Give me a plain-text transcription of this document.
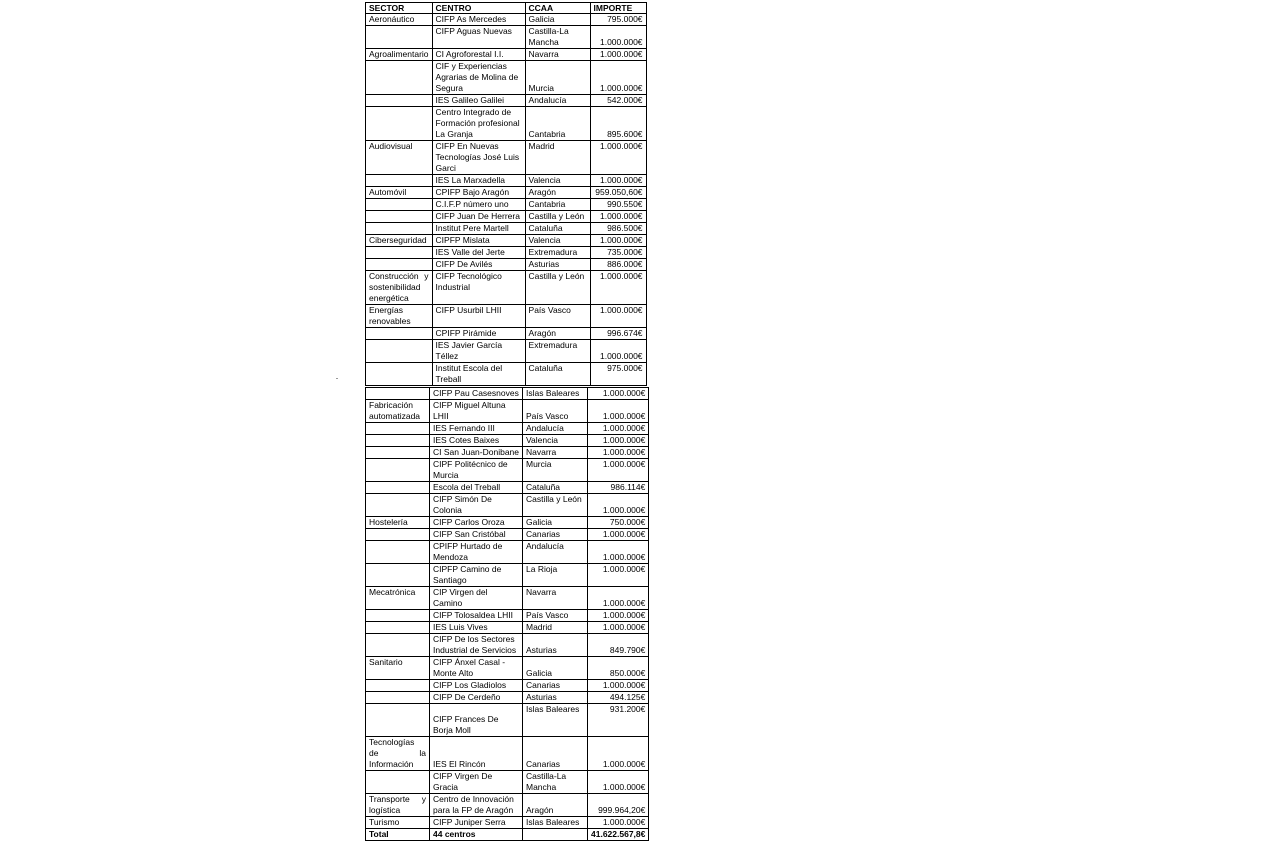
SECTOR	CENTRO	CCAA	IMPORTE
Aeronáutico	CIFP As Mercedes	Galicia	795.000€
	CIFP Aguas Nuevas	Castilla-La Mancha	1.000.000€
Agroalimentario	CI Agroforestal I.I.	Navarra	1.000.000€
	CIF y Experiencias Agrarias de Molina de Segura	Murcia	1.000.000€
	IES Galileo Galilei	Andalucía	542.000€
	Centro Integrado de Formación profesional La Granja	Cantabria	895.600€
Audiovisual	CIFP En Nuevas Tecnologías José Luis Garci	Madrid	1.000.000€
	IES La Marxadella	Valencia	1.000.000€
Automóvil	CPIFP Bajo Aragón	Aragón	959.050,60€
	C.I.F.P número uno	Cantabria	990.550€
	CIFP Juan De Herrera	Castilla y León	1.000.000€
	Institut Pere Martell	Cataluña	986.500€
Ciberseguridad	CIPFP Mislata	Valencia	1.000.000€
	IES Valle del Jerte	Extremadura	735.000€
	CIFP De Avilés	Asturias	886.000€
Construcción y sostenibilidad energética	CIFP Tecnológico Industrial	Castilla y León	1.000.000€
Energías renovables	CIFP Usurbil LHII	País Vasco	1.000.000€
	CPIFP Pirámide	Aragón	996.674€
	IES Javier García Téllez	Extremadura	1.000.000€
	Institut Escola del Treball	Cataluña	975.000€
	CIFP Pau Casesnoves	Islas Baleares	1.000.000€
Fabricación automatizada	CIFP Miguel Altuna LHII	País Vasco	1.000.000€
	IES Fernando III	Andalucía	1.000.000€
	IES Cotes Baixes	Valencia	1.000.000€
	CI San Juan-Donibane	Navarra	1.000.000€
	CIPF Politécnico de Murcia	Murcia	1.000.000€
	Escola del Treball	Cataluña	986.114€
	CIFP Simón De Colonia	Castilla y León	1.000.000€
Hostelería	CIFP Carlos Oroza	Galicia	750.000€
	CIFP San Cristóbal	Canarias	1.000.000€
	CPIFP Hurtado de Mendoza	Andalucía	1.000.000€
	CIPFP Camino de Santiago	La Rioja	1.000.000€
Mecatrónica	CIP Virgen del Camino	Navarra	1.000.000€
	CIFP Tolosaldea LHII	País Vasco	1.000.000€
	IES Luis Vives	Madrid	1.000.000€
	CIFP De los Sectores Industrial de Servicios	Asturias	849.790€
Sanitario	CIFP Ánxel Casal - Monte Alto	Galicia	850.000€
	CIFP Los Gladiolos	Canarias	1.000.000€
	CIFP De Cerdeño	Asturias	494.125€
	CIFP Frances De Borja Moll	Islas Baleares	931.200€
Tecnologías de la Información	IES El Rincón	Canarias	1.000.000€
	CIFP Virgen De Gracia	Castilla-La Mancha	1.000.000€
Transporte y logística	Centro de Innovación para la FP de Aragón	Aragón	999.964,20€
Turismo	CIFP Juniper Serra	Islas Baleares	1.000.000€
Total	44 centros		41.622.567,8€
